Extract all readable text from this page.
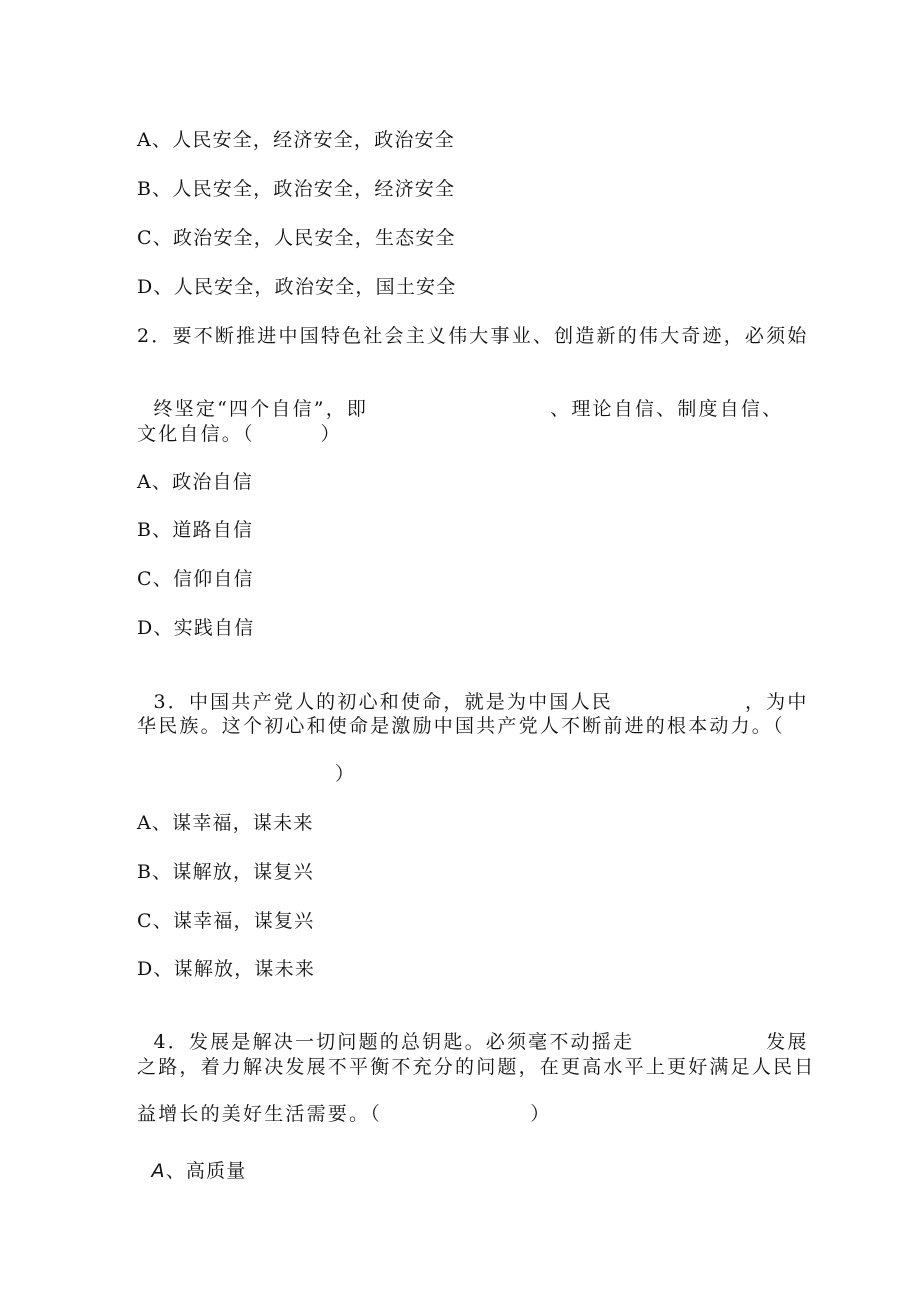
A、人民安全，经济安全，政治安全
B、人民安全，政治安全，经济安全
C、政治安全，人民安全，生态安全
D、人民安全，政治安全，国土安全
2．要不断推进中国特色社会主义伟大事业、创造新的伟大奇迹，必须始

终坚定“四个自信”，即	、理论自信、制度自信、

文化自信。（        ）
A、政治自信
B、道路自信
C、信仰自信
D、实践自信

3．中国共产党人的初心和使命，就是为中国人民	，为中

华民族。这个初心和使命是激励中国共产党人不断前进的根本动力。（
）
A、谋幸福，谋未来
B、谋解放，谋复兴
C、谋幸福，谋复兴
D、谋解放，谋未来

4．发展是解决一切问题的总钥匙。必须毫不动摇走	发展

之路，着力解决发展不平衡不充分的问题，在更高水平上更好满足人民日
益增长的美好生活需要。（                  ）

A、高质量
